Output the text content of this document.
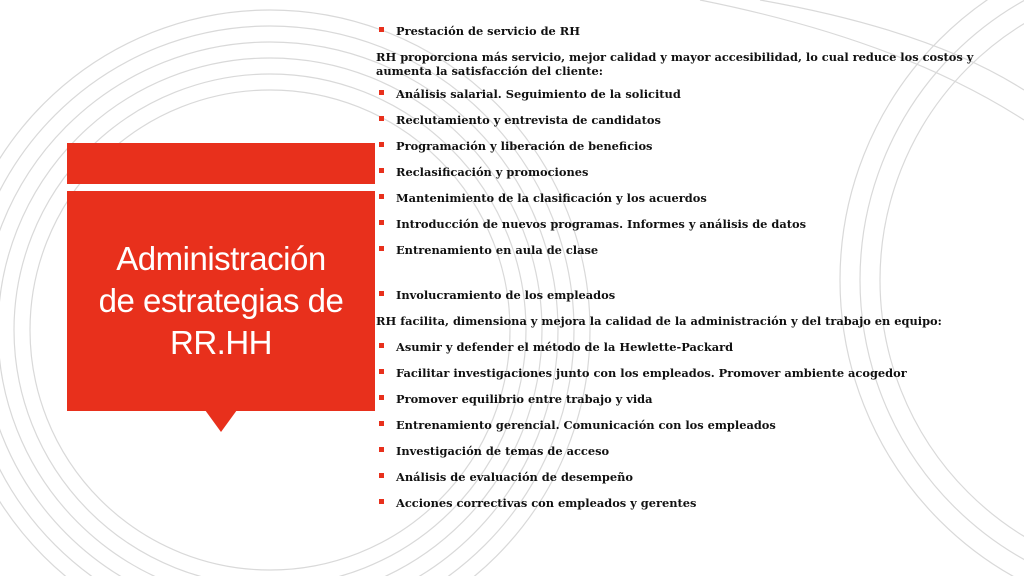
Administración
de estrategias de
RR.HH
Prestación de servicio de RH
RH proporciona más servicio, mejor calidad y mayor accesibilidad, lo cual reduce los costos y aumenta la satisfacción del cliente:
Análisis salarial. Seguimiento de la solicitud
Reclutamiento y entrevista de candidatos
Programación y liberación de beneficios
Reclasificación y promociones
Mantenimiento de la clasificación y los acuerdos
Introducción de nuevos programas. Informes y análisis de datos
Entrenamiento en aula de clase
Involucramiento de los empleados
RH facilita, dimensiona y mejora la calidad de la administración y del trabajo en equipo:
Asumir y defender el método de la Hewlette-Packard
Facilitar investigaciones junto con los empleados. Promover ambiente acogedor
Promover equilibrio entre trabajo y vida
Entrenamiento gerencial. Comunicación con los empleados
Investigación de temas de acceso
Análisis de evaluación de desempeño
Acciones correctivas con empleados y gerentes
